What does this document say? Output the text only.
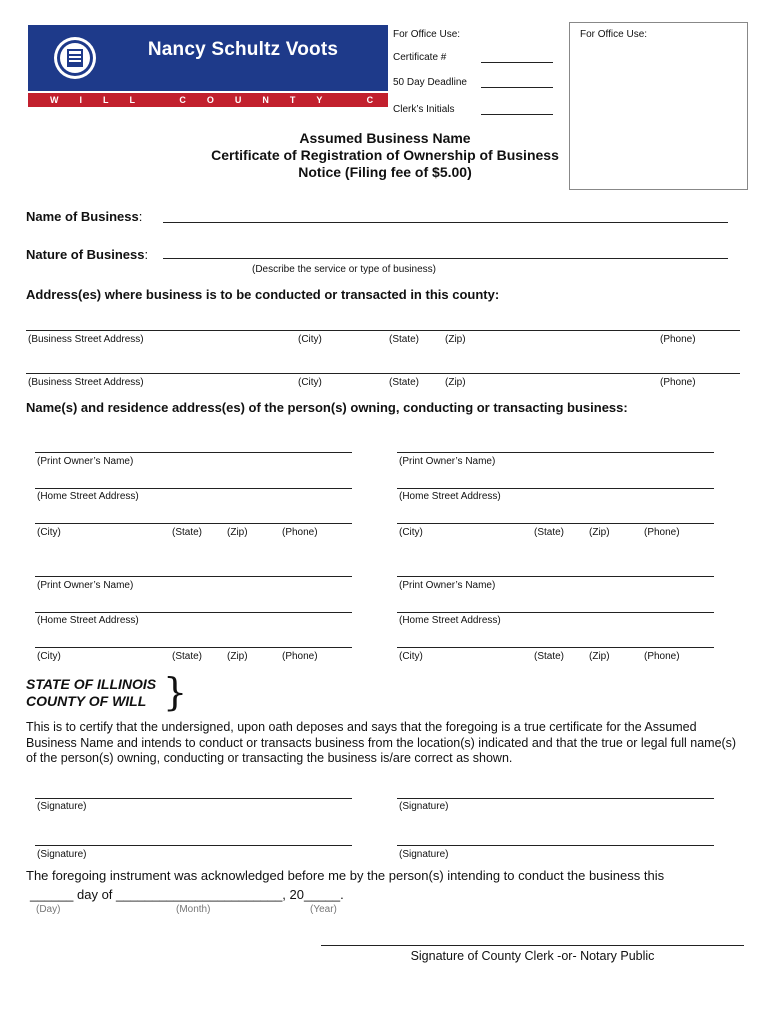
Nancy Schultz Voots
WILL COUNTY CLERK
For Office Use:
Certificate #
50 Day Deadline
Clerk’s Initials
For Office Use:
Assumed Business Name
Certificate of Registration of Ownership of Business
Notice (Filing fee of $5.00)
Name of Business:
Nature of Business:
(Describe the service or type of business)
Address(es) where business is to be conducted or transacted in this county:
(Business Street Address)	(City)	(State)	(Zip)	(Phone)
(Business Street Address)	(City)	(State)	(Zip)	(Phone)
Name(s) and residence address(es) of the person(s) owning, conducting or transacting business:
(Print Owner’s Name)
(Home Street Address)
(City)	(State) (Zip)	(Phone)
(Print Owner’s Name)
(Home Street Address)
(City)	(State) (Zip)	(Phone)
(Print Owner’s Name)
(Home Street Address)
(City)	(State) (Zip)	(Phone)
(Print Owner’s Name)
(Home Street Address)
(City)	(State) (Zip)	(Phone)
STATE OF ILLINOIS
COUNTY OF WILL }
This is to certify that the undersigned, upon oath deposes and says that the foregoing is a true certificate for the Assumed Business Name and intends to conduct or transacts business from the location(s) indicated and that the true or legal full name(s) of the person(s) owning, conducting or transacting the business is/are correct as shown.
(Signature)	(Signature)
(Signature)	(Signature)
The foregoing instrument was acknowledged before me by the person(s) intending to conduct the business this
______ day of _______________________, 20_____.
(Day)	(Month)	(Year)
Signature of County Clerk -or- Notary Public
